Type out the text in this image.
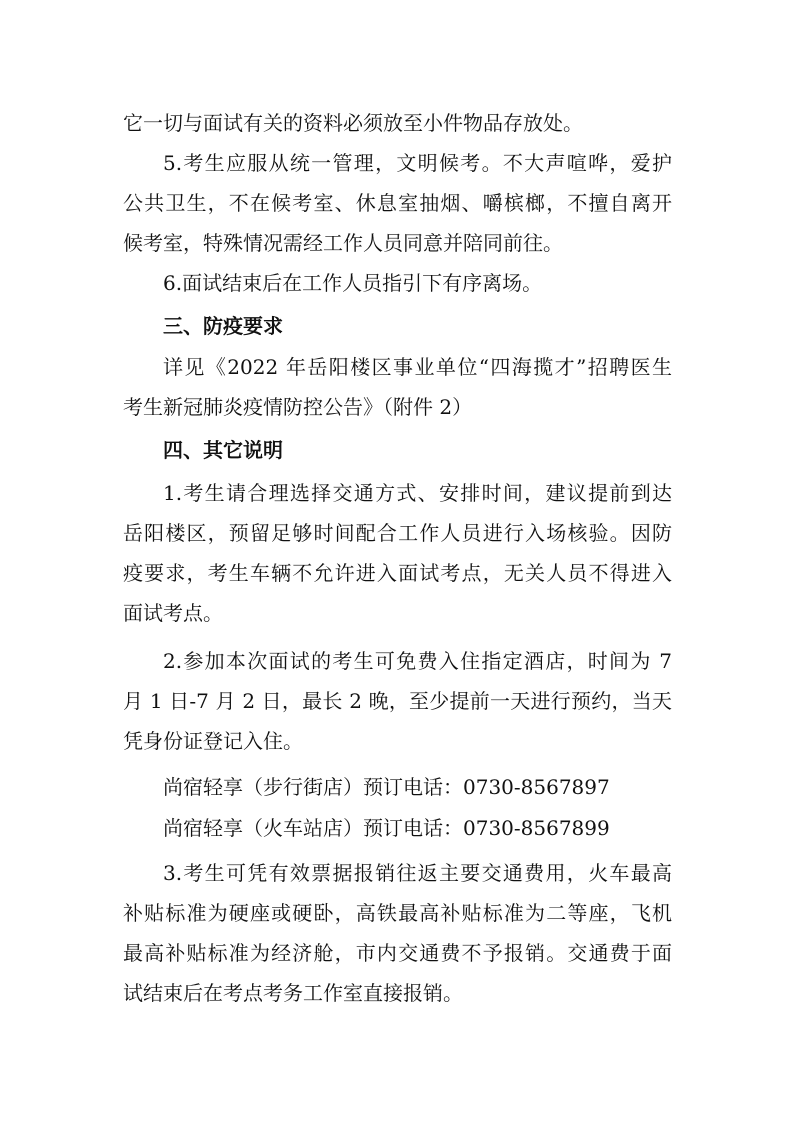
它一切与面试有关的资料必须放至小件物品存放处。
5.考生应服从统一管理，文明候考。不大声喧哗，爱护
公共卫生，不在候考室、休息室抽烟、嚼槟榔，不擅自离开
候考室，特殊情况需经工作人员同意并陪同前往。
6.面试结束后在工作人员指引下有序离场。
三、防疫要求
详见《2022 年岳阳楼区事业单位“四海揽才”招聘医生
考生新冠肺炎疫情防控公告》（附件 2）
四、其它说明
1.考生请合理选择交通方式、安排时间，建议提前到达
岳阳楼区，预留足够时间配合工作人员进行入场核验。因防
疫要求，考生车辆不允许进入面试考点，无关人员不得进入
面试考点。
2.参加本次面试的考生可免费入住指定酒店，时间为 7
月 1 日-7 月 2 日，最长 2 晚，至少提前一天进行预约，当天
凭身份证登记入住。
尚宿轻享（步行街店）预订电话：0730-8567897
尚宿轻享（火车站店）预订电话：0730-8567899
3.考生可凭有效票据报销往返主要交通费用，火车最高
补贴标准为硬座或硬卧，高铁最高补贴标准为二等座，飞机
最高补贴标准为经济舱，市内交通费不予报销。交通费于面
试结束后在考点考务工作室直接报销。
